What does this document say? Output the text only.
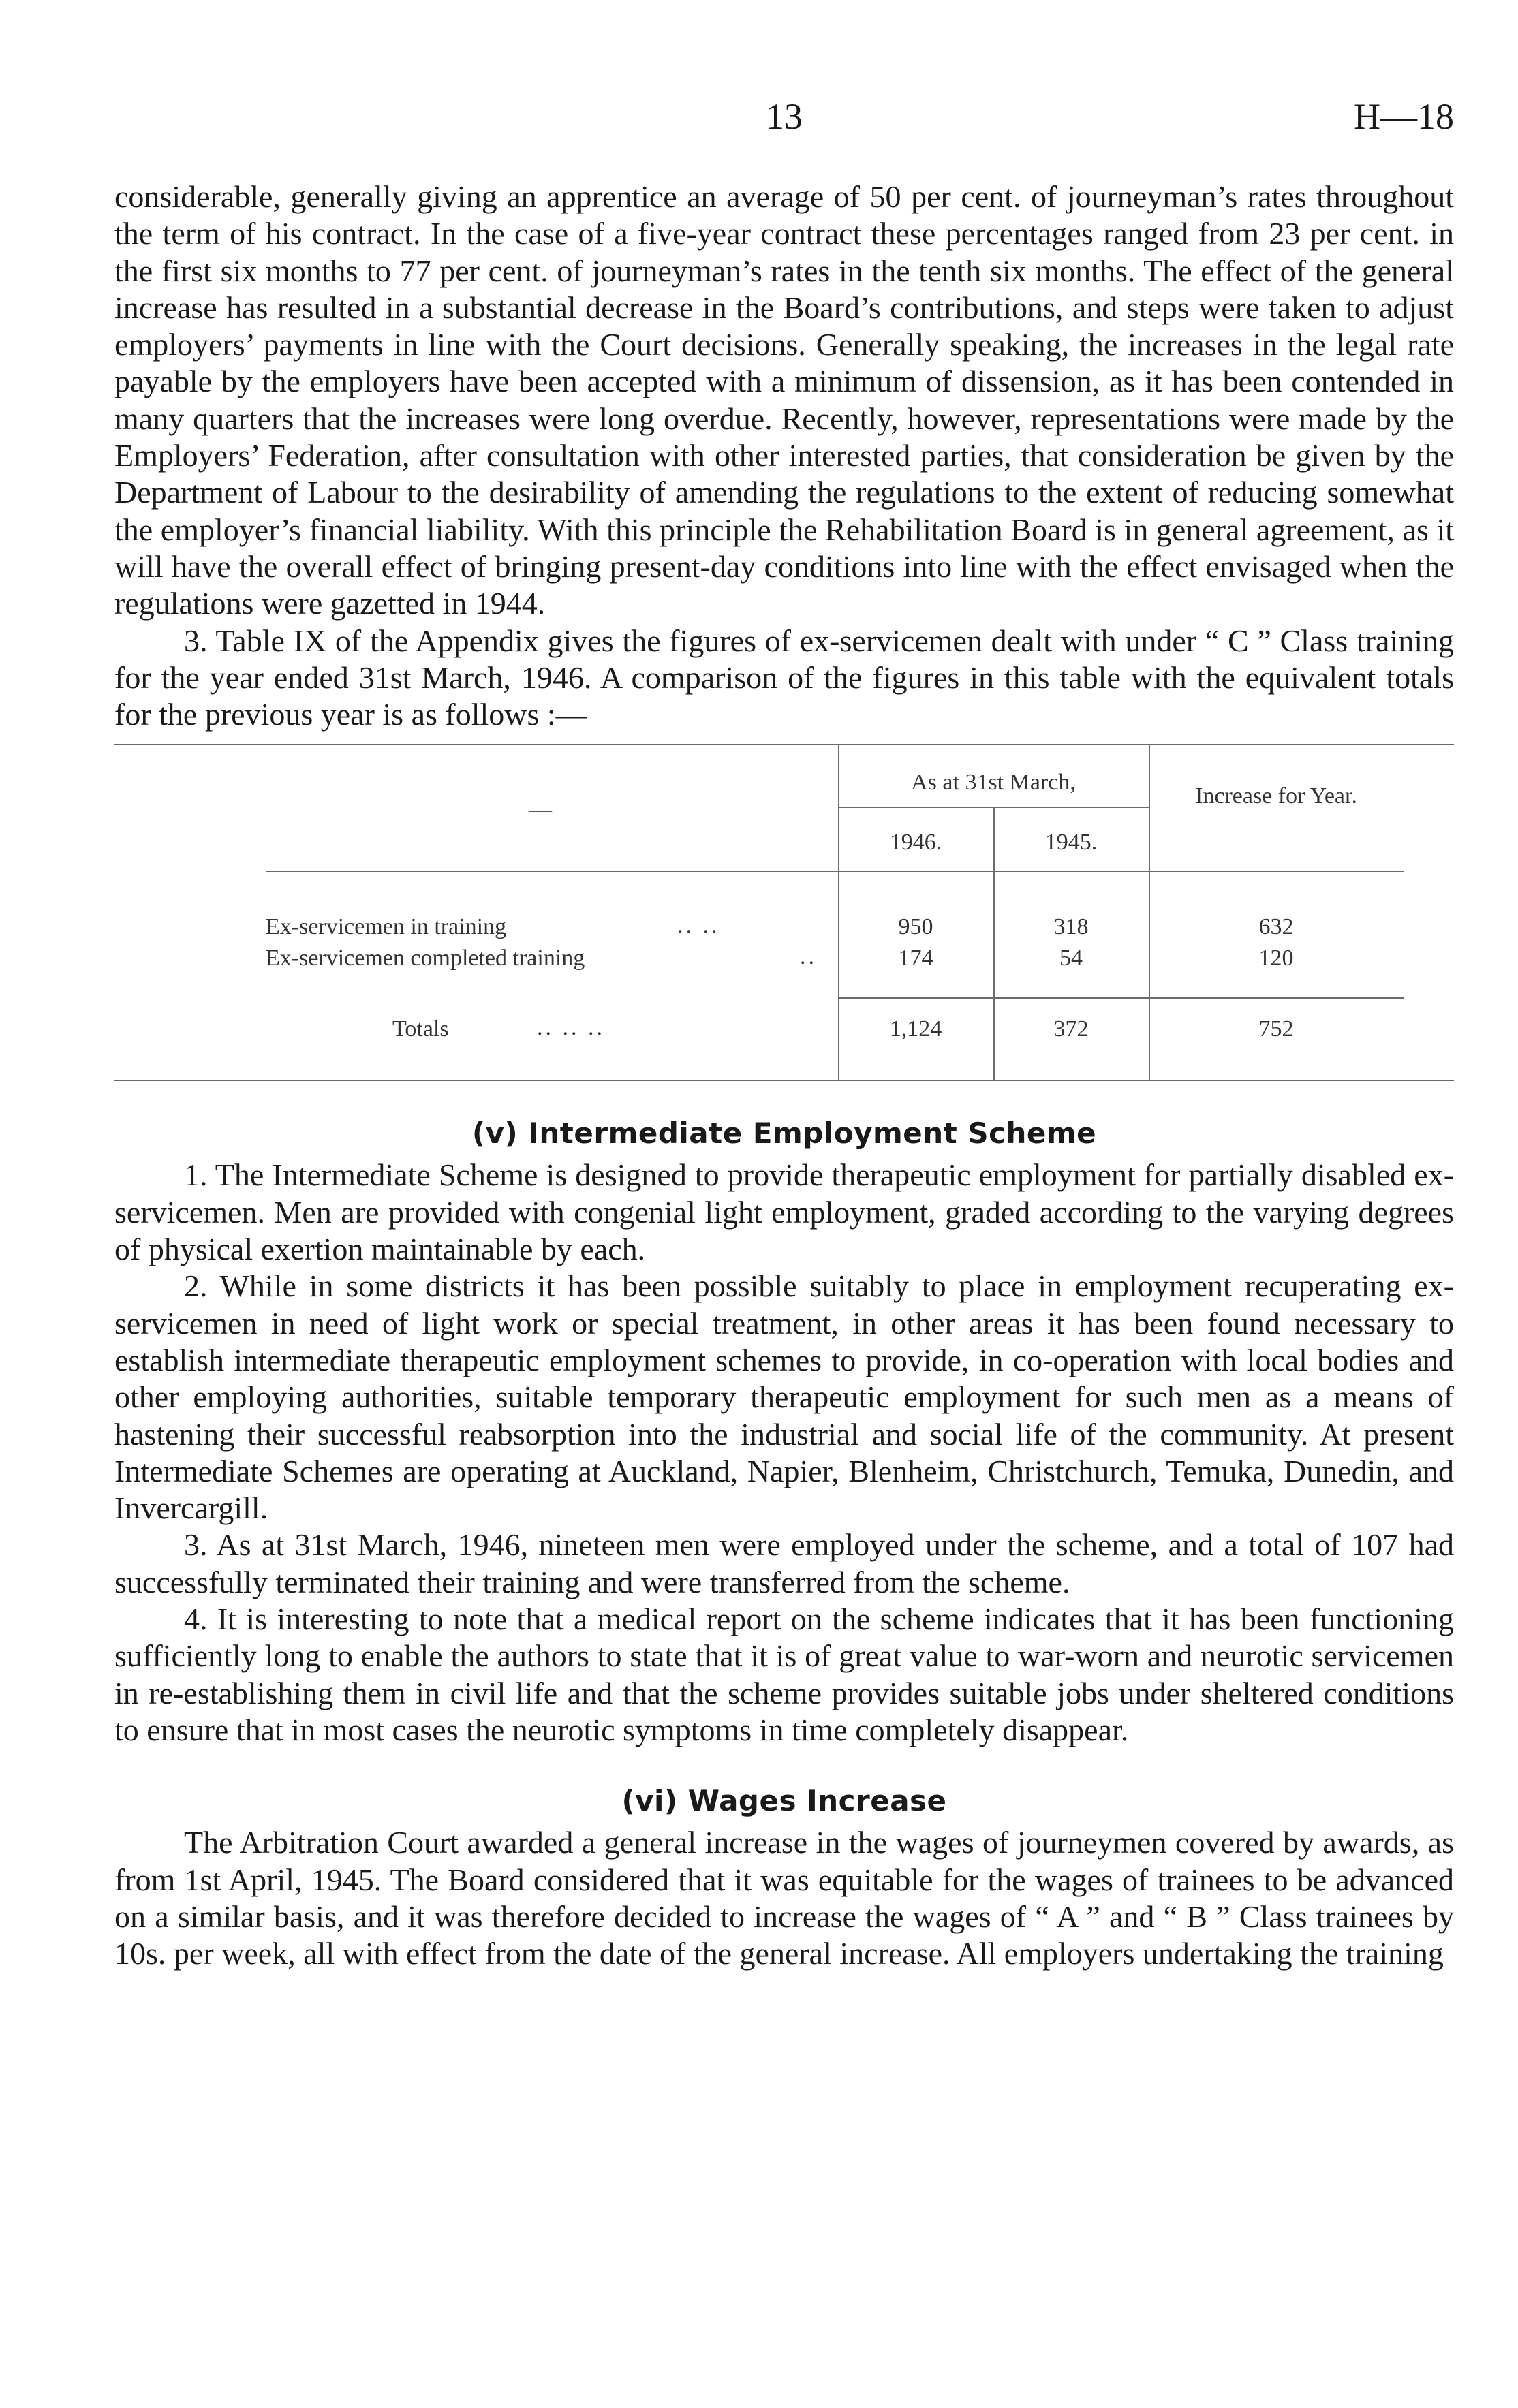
13	H—18

considerable, generally giving an apprentice an average of 50 per cent. of journeyman’s rates throughout the term of his contract. In the case of a five-year contract these percentages ranged from 23 per cent. in the first six months to 77 per cent. of journeyman’s rates in the tenth six months. The effect of the general increase has resulted in a substantial decrease in the Board’s contributions, and steps were taken to adjust employers’ payments in line with the Court decisions. Generally speaking, the increases in the legal rate payable by the employers have been accepted with a minimum of dissension, as it has been contended in many quarters that the increases were long overdue. Recently, however, representations were made by the Employers’ Federation, after consultation with other interested parties, that consideration be given by the Department of Labour to the desirability of amending the regulations to the extent of reducing somewhat the employer’s financial liability. With this principle the Rehabilitation Board is in general agreement, as it will have the overall effect of bringing present-day conditions into line with the effect envisaged when the regulations were gazetted in 1944.

3. Table IX of the Appendix gives the figures of ex-servicemen dealt with under “ C ” Class training for the year ended 31st March, 1946. A comparison of the figures in this table with the equivalent totals for the previous year is as follows :—

—
As at 31st March,
1946.	1945.
Increase for Year.
Ex-servicemen in training	.. ..	950	318	632
Ex-servicemen completed training	..	174	54	120
Totals	.. .. ..	1,124	372	752
(v) Intermediate Employment Scheme

1. The Intermediate Scheme is designed to provide therapeutic employment for partially disabled ex-servicemen. Men are provided with congenial light employment, graded according to the varying degrees of physical exertion maintainable by each.

2. While in some districts it has been possible suitably to place in employment recuperating ex-servicemen in need of light work or special treatment, in other areas it has been found necessary to establish intermediate therapeutic employment schemes to provide, in co-operation with local bodies and other employing authorities, suitable temporary therapeutic employment for such men as a means of hastening their successful reabsorption into the industrial and social life of the community. At present Intermediate Schemes are operating at Auckland, Napier, Blenheim, Christchurch, Temuka, Dunedin, and Invercargill.

3. As at 31st March, 1946, nineteen men were employed under the scheme, and a total of 107 had successfully terminated their training and were transferred from the scheme.

4. It is interesting to note that a medical report on the scheme indicates that it has been functioning sufficiently long to enable the authors to state that it is of great value to war-worn and neurotic servicemen in re-establishing them in civil life and that the scheme provides suitable jobs under sheltered conditions to ensure that in most cases the neurotic symptoms in time completely disappear.

(vi) Wages Increase

The Arbitration Court awarded a general increase in the wages of journeymen covered by awards, as from 1st April, 1945. The Board considered that it was equitable for the wages of trainees to be advanced on a similar basis, and it was therefore decided to increase the wages of “ A ” and “ B ” Class trainees by 10s. per week, all with effect from the date of the general increase. All employers undertaking the training
